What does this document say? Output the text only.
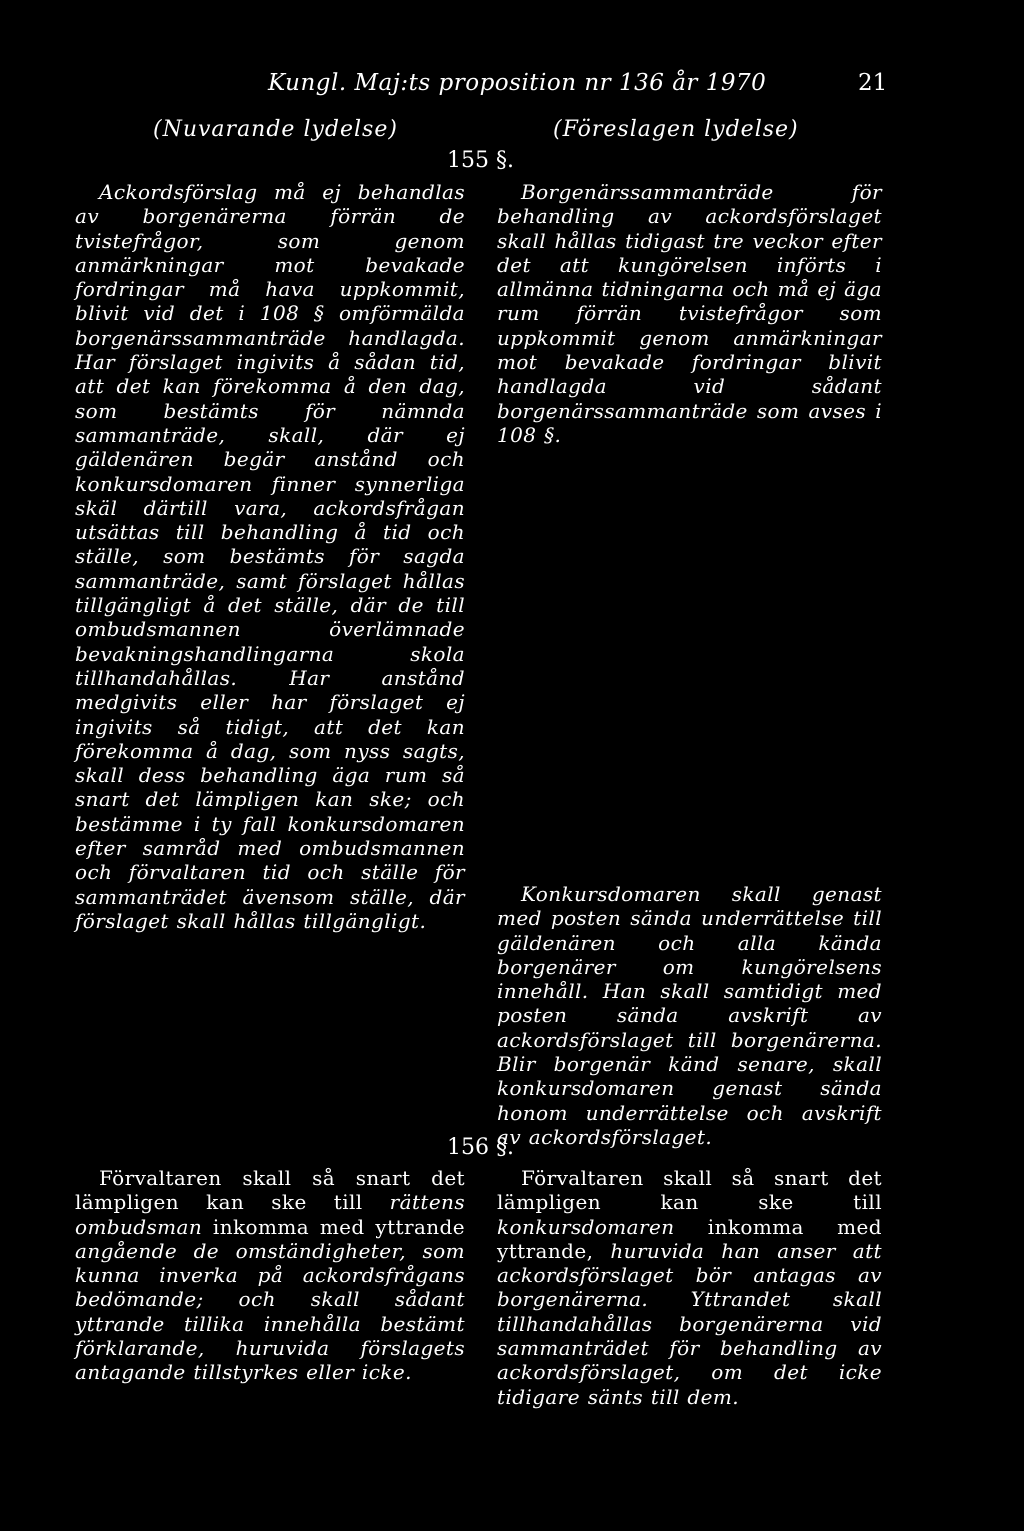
Kungl. Maj:ts proposition nr 136 år 1970	21
(Nuvarande lydelse)	(Föreslagen lydelse)
155 §.

Ackordsförslag må ej behandlas av borgenärerna förrän de tvistefrågor, som genom anmärkningar mot bevakade fordringar må hava uppkommit, blivit vid det i 108 § omförmälda borgenärssammanträde handlagda. Har förslaget ingivits å sådan tid, att det kan förekomma å den dag, som bestämts för nämnda sammanträde, skall, där ej gäldenären begär anstånd och konkursdomaren finner synnerliga skäl därtill vara, ackordsfrågan utsättas till behandling å tid och ställe, som bestämts för sagda sammanträde, samt förslaget hållas tillgängligt å det ställe, där de till ombudsmannen överlämnade bevakningshandlingarna skola tillhandahållas. Har anstånd medgivits eller har förslaget ej ingivits så tidigt, att det kan förekomma å dag, som nyss sagts, skall dess behandling äga rum så snart det lämpligen kan ske; och bestämme i ty fall konkursdomaren efter samråd med ombudsmannen och förvaltaren tid och ställe för sammanträdet ävensom ställe, där förslaget skall hållas tillgängligt.

Borgenärssammanträde för behandling av ackordsförslaget skall hållas tidigast tre veckor efter det att kungörelsen införts i allmänna tidningarna och må ej äga rum förrän tvistefrågor som uppkommit genom anmärkningar mot bevakade fordringar blivit handlagda vid sådant borgenärssammanträde som avses i 108 §.

Konkursdomaren skall genast med posten sända underrättelse till gäldenären och alla kända borgenärer om kungörelsens innehåll. Han skall samtidigt med posten sända avskrift av ackordsförslaget till borgenärerna. Blir borgenär känd senare, skall konkursdomaren genast sända honom underrättelse och avskrift av ackordsförslaget.

156 §.

Förvaltaren skall så snart det lämpligen kan ske till rättens ombudsman inkomma med yttrande angående de omständigheter, som kunna inverka på ackordsfrågans bedömande; och skall sådant yttrande tillika innehålla bestämt förklarande, huruvida förslagets antagande tillstyrkes eller icke.

Förvaltaren skall så snart det lämpligen kan ske till konkursdomaren inkomma med yttrande, huruvida han anser att ackordsförslaget bör antagas av borgenärerna. Yttrandet skall tillhandahållas borgenärerna vid sammanträdet för behandling av ackordsförslaget, om det icke tidigare sänts till dem.
